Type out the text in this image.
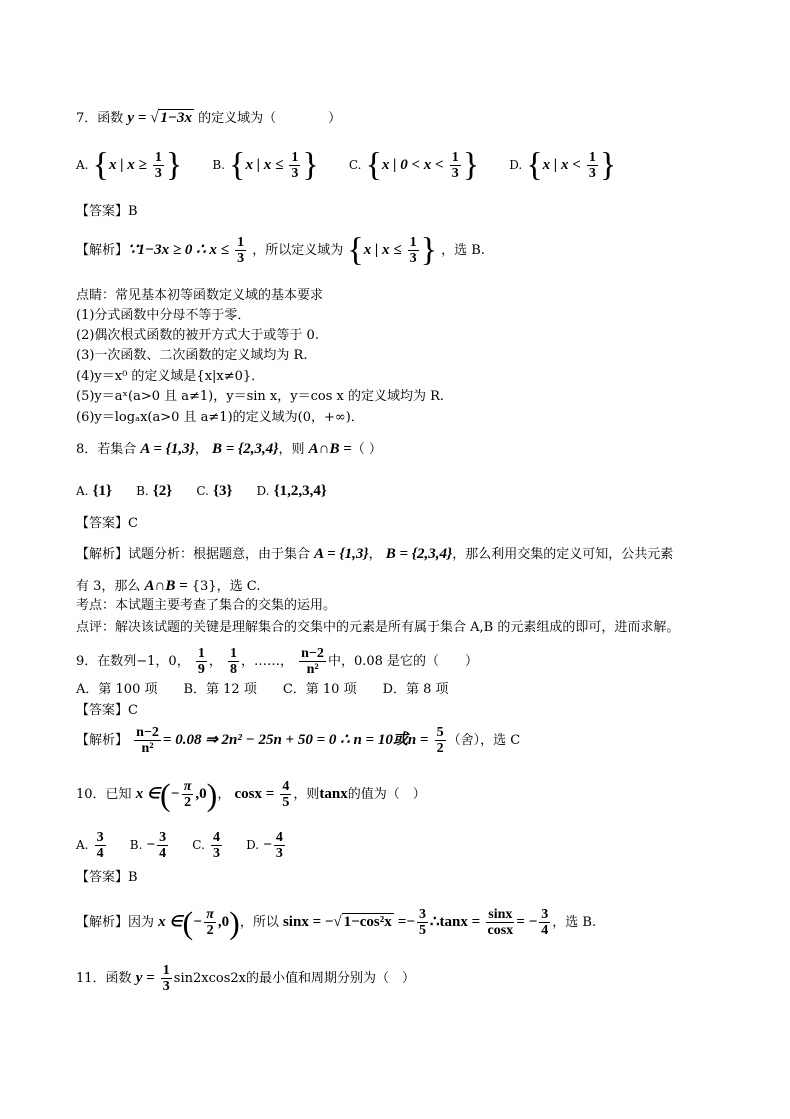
7．函数 y = √ 1−3x 的定义域为（　　　　）
A. {x | $x \ge \frac{1}{3}$ }	B. {x | $x \le \frac{1}{3}$ }	C. {x | $0 < x < \frac{1}{3}$ }	D. {x | $x < \frac{1}{3}$ }
【答案】B
【解析】∵1−3x ≥ 0 ∴ $x \le \frac{1}{3}$ ，所以定义域为 {x | $x \le \frac{1}{3}$ } ，选 B.
点睛：常见基本初等函数定义域的基本要求
(1)分式函数中分母不等于零．
(2)偶次根式函数的被开方式大于或等于 0.
(3)一次函数、二次函数的定义域均为 R.
(4)y＝x⁰ 的定义域是{x|x≠0}．
(5)y＝aˣ(a>0 且 a≠1)，y＝sin x，y＝cos x 的定义域均为 R.
(6)y＝logₐx(a>0 且 a≠1)的定义域为(0，+∞)．
8．若集合 A = {1,3}， B = {2,3,4}，则 A∩B =（ ）
A. {1} B. {2} C. {3} D. {1,2,3,4}
【答案】C
【解析】试题分析：根据题意，由于集合 A = {1,3}， B = {2,3,4}，那么利用交集的定义可知，公共元素
有 3，那么 A∩B = {3}，选 C.
考点：本试题主要考查了集合的交集的运用。
点评：解决该试题的关键是理解集合的交集中的元素是所有属于集合 A,B 的元素组成的即可，进而求解。
9．在数列−1，0， $\frac{1}{9}$ ， $\frac{1}{8}$ ，……， $\frac{n-2}{\text{n²}}$ 中，0.08 是它的（　　）
A．第 100 项　　B．第 12 项　　C．第 10 项　　D．第 8 项
【答案】C
【解析】 $\frac{n-2}{\text{n²}} = 0.08$ ⇒ 2n² − 25n + 50 = 0 ∴ n = 10或$n = \frac{5}{2}$ （舍），选 C
10．已知 x ∈(− $\frac{\pi}{2} ,0$)， $\cos x = \frac{4}{5}$ ，则tanx的值为（　）
A. $\frac{3}{4} B$. − $\frac{3}{4} C$. $\frac{4}{3} D$. − $\frac{4}{3}$
【答案】B
【解析】因为 x ∈(− $\frac{\pi}{2} ,0$)，所以 sinx = −√ $1-\cos^2x =- \frac{3}{5}$ ∴tanx = $\frac{\sin x}{\cos x}$ = − $\frac{3}{4}$ ，选 B.
11．函数 $y = \frac{1}{3} \sin 2xcos2x$的最小值和周期分别为（　）
